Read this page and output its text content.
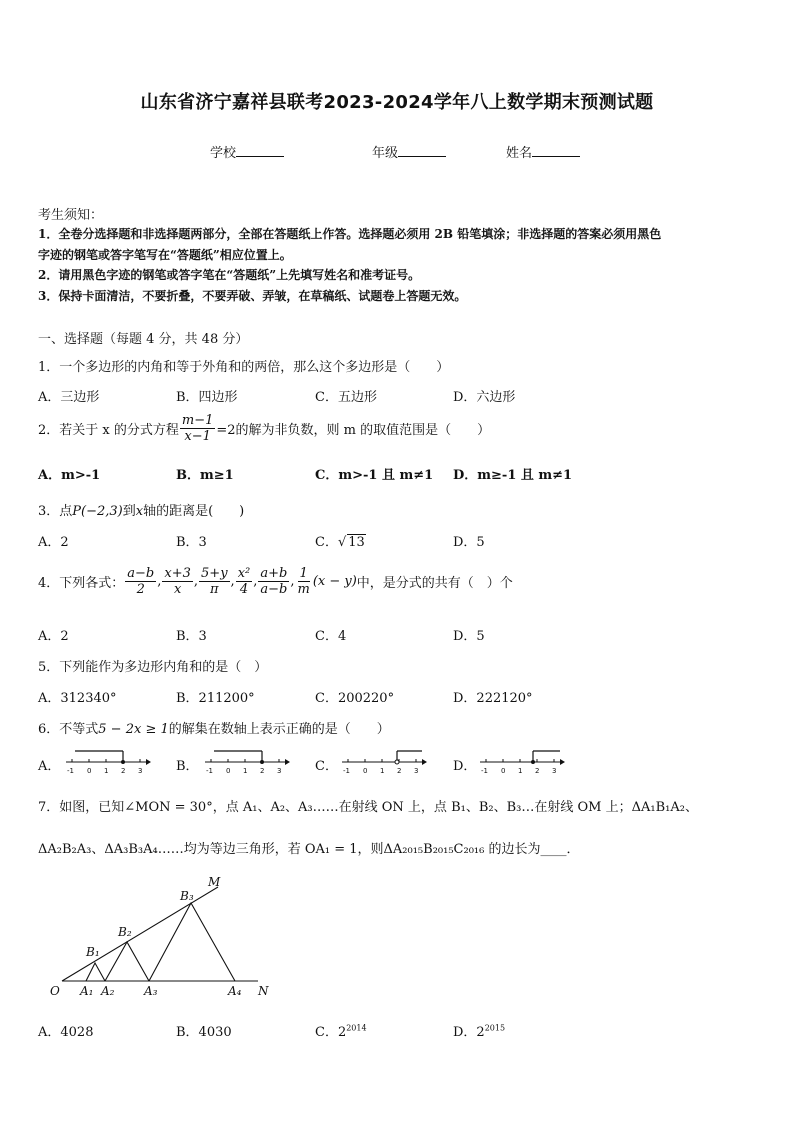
山东省济宁嘉祥县联考2023-2024学年八上数学期末预测试题
学校	年级	姓名
考生须知：
1．全卷分选择题和非选择题两部分，全部在答题纸上作答。选择题必须用 2B 铅笔填涂；非选择题的答案必须用黑色
字迹的钢笔或答字笔写在“答题纸”相应位置上。
2．请用黑色字迹的钢笔或答字笔在“答题纸”上先填写姓名和准考证号。
3．保持卡面清洁，不要折叠，不要弄破、弄皱，在草稿纸、试题卷上答题无效。
一、选择题（每题 4 分，共 48 分）
1．一个多边形的内角和等于外角和的两倍，那么这个多边形是（　　）
A．三边形	B．四边形	C．五边形	D．六边形
2．若关于 x 的分式方程 $\frac{m-1}{x-1} =2$的解为非负数，则 m 的取值范围是（　　）
A．m>-1	B．m≥1	C．m>-1 且 m≠1 D．m≥-1 且 m≠1
3．点P(−2,3)到x轴的距离是(　　)
A．2	B．3	C．√ 13	D．5
4．下列各式： $\frac{a-b}{2}$ , $\frac{x+3}{x}$ , $\frac{5+y}{\pi}$ , $\frac{\text{x²}}{4}$ , $\frac{a+b}{a-b}$ , $\frac{1}{m} (x - y)$ 中，是分式的共有（　）个
A．2	B．3	C．4	D．5
5．下列能作为多边形内角和的是（　）
A．312340°	B．211200°	C．200220°	D．222120°
6．不等式5 − 2x ≥ 1的解集在数轴上表示正确的是（　　）
A．	B．	C．	D．
-1 0 1 2 3	-1 0 1 2 3	-1 0 1 2 3	-1 0 1 2 3
7．如图，已知∠MON = 30°，点 A₁、A₂、A₃……在射线 ON 上，点 B₁、B₂、B₃…在射线 OM 上；ΔA₁B₁A₂、
ΔA₂B₂A₃、ΔA₃B₃A₄……均为等边三角形，若 OA₁ = 1，则ΔA₂₀₁₅B₂₀₁₅C₂₀₁₆ 的边长为____．
O A₁ A₂ A₃	A₄ N
M
B₁
B₂
B₃
A．4028	B．4030	C．$2^{2014}$	D．$2^{2015}$
